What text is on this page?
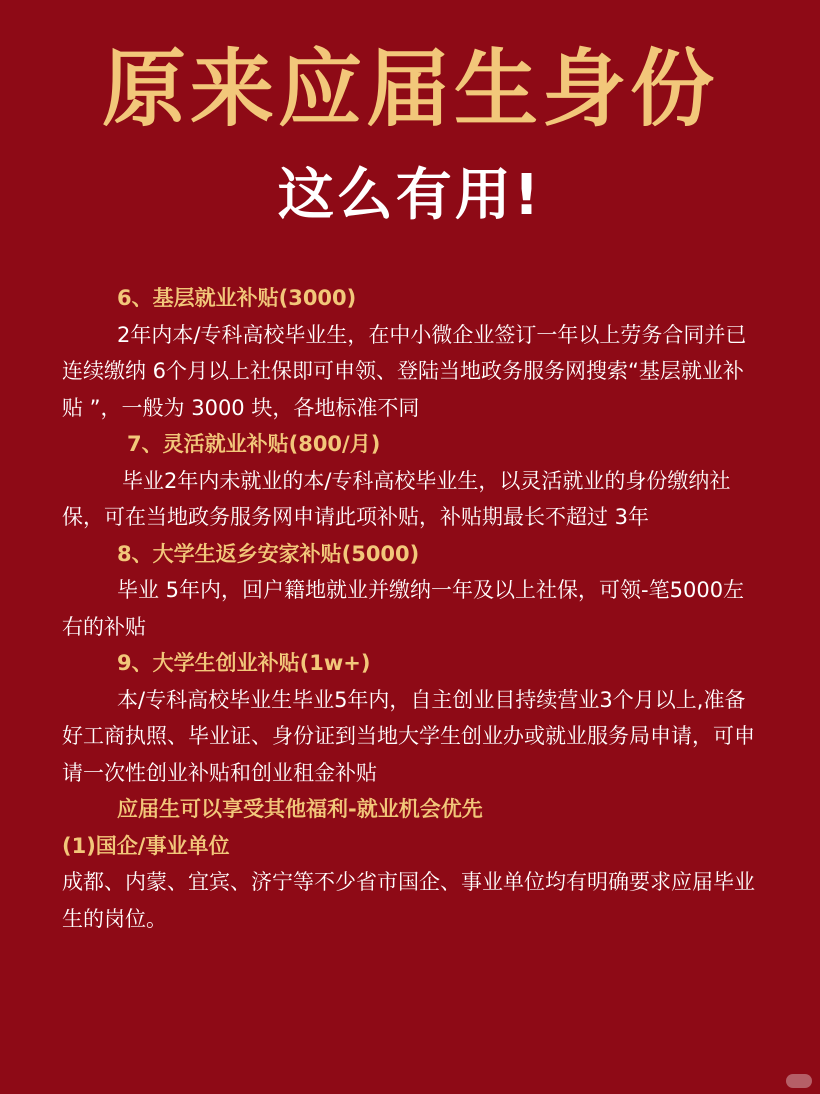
原来应届生身份
这么有用!
6、基层就业补贴(3000)
2年内本/专科高校毕业生，在中小微企业签订一年以上劳务合同并已连续缴纳 6个月以上社保即可申领、登陆当地政务服务网搜索“基层就业补贴 ”，一般为 3000 块，各地标准不同
7、灵活就业补贴(800/月)
毕业2年内未就业的本/专科高校毕业生，以灵活就业的身份缴纳社保，可在当地政务服务网申请此项补贴，补贴期最长不超过 3年
8、大学生返乡安家补贴(5000)
毕业 5年内，回户籍地就业并缴纳一年及以上社保，可领-笔5000左右的补贴
9、大学生创业补贴(1w+)
本/专科高校毕业生毕业5年内，自主创业目持续营业3个月以上,准备好工商执照、毕业证、身份证到当地大学生创业办或就业服务局申请，可申请一次性创业补贴和创业租金补贴
应届生可以享受其他福利-就业机会优先
(1)国企/事业单位
成都、内蒙、宜宾、济宁等不少省市国企、事业单位均有明确要求应届毕业生的岗位。
